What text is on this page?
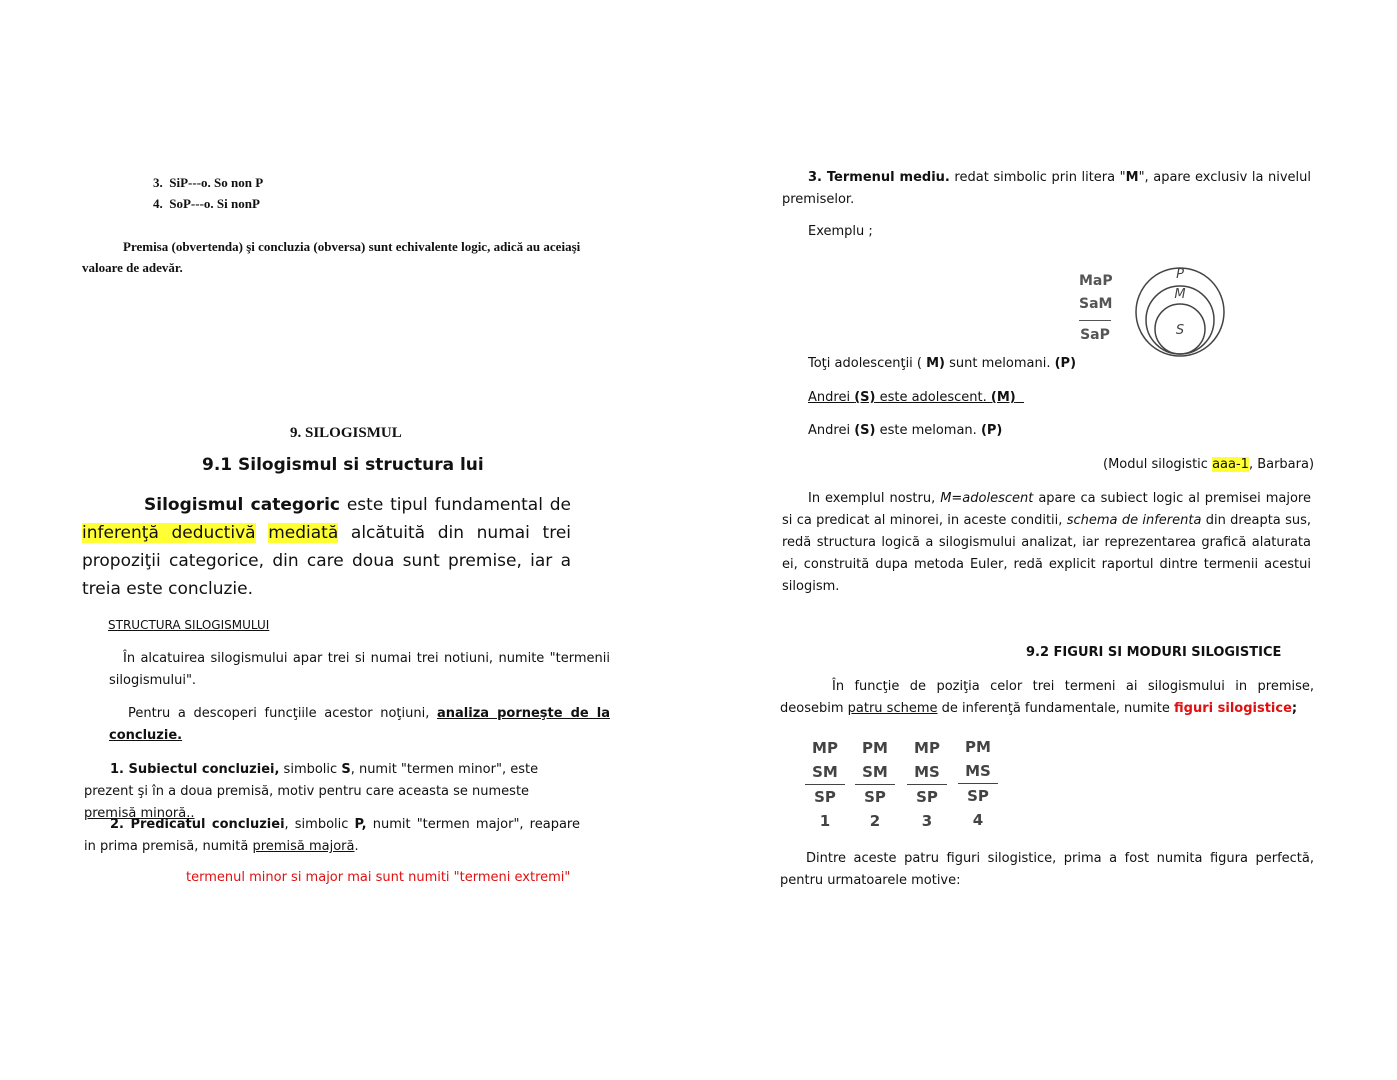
3. SiP---o. So non P
4. SoP---o. Si nonP
Premisa (obvertenda) şi concluzia (obversa) sunt echivalente logic, adică au aceiaşi valoare de adevăr.
9. SILOGISMUL
9.1 Silogismul si structura lui
Silogismul categoric este tipul fundamental de inferenţă deductivă mediată alcătuită din numai trei propoziţii categorice, din care doua sunt premise, iar a treia este concluzie.
STRUCTURA SILOGISMULUI
În alcatuirea silogismului apar trei si numai trei notiuni, numite "termenii silogismului".
Pentru a descoperi funcţiile acestor noţiuni, analiza porneşte de la concluzie.
1. Subiectul concluziei, simbolic S, numit "termen minor", este prezent şi în a doua premisă, motiv pentru care aceasta se numeste premisă minoră..
2. Predicatul concluziei, simbolic P, numit "termen major", reapare in prima premisă, numită premisă majoră.
termenul minor si major mai sunt numiti "termeni extremi"
3. Termenul mediu. redat simbolic prin litera "M", apare exclusiv la nivelul premiselor.
Exemplu ;
MaP
SaM
SaP
P
M
S
Toţi adolescenţii ( M) sunt melomani. (P)
Andrei (S) este adolescent. (M)
Andrei (S) este meloman. (P)
(Modul silogistic aaa-1, Barbara)
In exemplul nostru, M=adolescent apare ca subiect logic al premisei majore si ca predicat al minorei, in aceste conditii, schema de inferenta din dreapta sus, redă structura logică a silogismului analizat, iar reprezentarea grafică alaturata ei, construită dupa metoda Euler, redă explicit raportul dintre termenii acestui silogism.
9.2 FIGURI SI MODURI SILOGISTICE
În funcţie de poziţia celor trei termeni ai silogismului in premise, deosebim patru scheme de inferenţă fundamentale, numite figuri silogistice;
MP
SM
SP
1
PM
SM
SP
2
MP
MS
SP
3
PM
MS
SP
4
Dintre aceste patru figuri silogistice, prima a fost numita figura perfectă, pentru urmatoarele motive:
